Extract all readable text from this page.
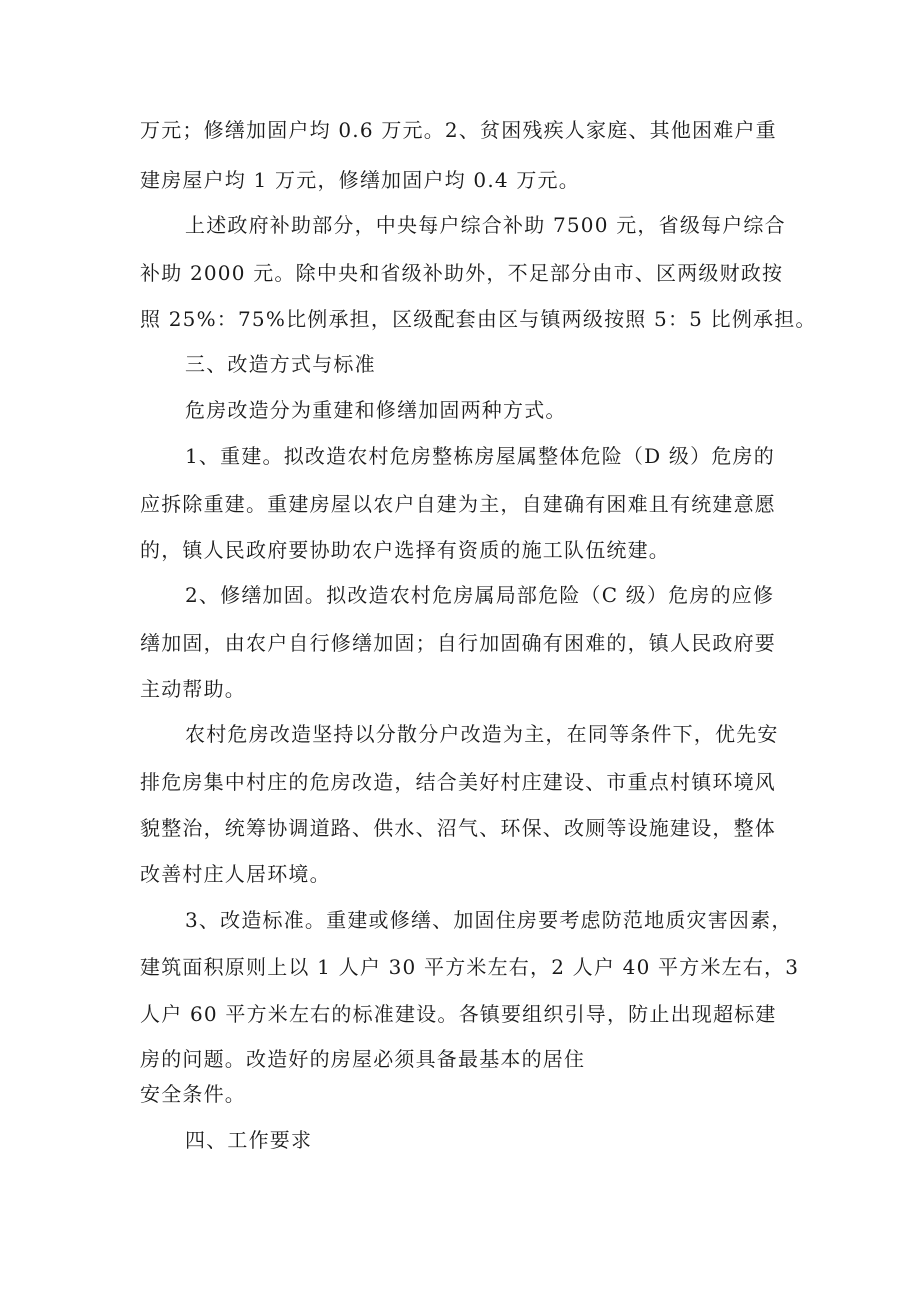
万元；修缮加固户均 0.6 万元。2、贫困残疾人家庭、其他困难户重
建房屋户均 1 万元，修缮加固户均 0.4 万元。
上述政府补助部分，中央每户综合补助 7500 元，省级每户综合
补助 2000 元。除中央和省级补助外，不足部分由市、区两级财政按
照 25%：75%比例承担，区级配套由区与镇两级按照 5：5 比例承担。
三、改造方式与标准
危房改造分为重建和修缮加固两种方式。
1、重建。拟改造农村危房整栋房屋属整体危险（D 级）危房的
应拆除重建。重建房屋以农户自建为主，自建确有困难且有统建意愿
的，镇人民政府要协助农户选择有资质的施工队伍统建。
2、修缮加固。拟改造农村危房属局部危险（C 级）危房的应修
缮加固，由农户自行修缮加固；自行加固确有困难的，镇人民政府要
主动帮助。
农村危房改造坚持以分散分户改造为主，在同等条件下，优先安
排危房集中村庄的危房改造，结合美好村庄建设、市重点村镇环境风
貌整治，统筹协调道路、供水、沼气、环保、改厕等设施建设，整体
改善村庄人居环境。
3、改造标准。重建或修缮、加固住房要考虑防范地质灾害因素，
建筑面积原则上以 1 人户 30 平方米左右，2 人户 40 平方米左右，3
人户 60 平方米左右的标准建设。各镇要组织引导，防止出现超标建
房的问题。改造好的房屋必须具备最基本的居住
安全条件。
四、工作要求
